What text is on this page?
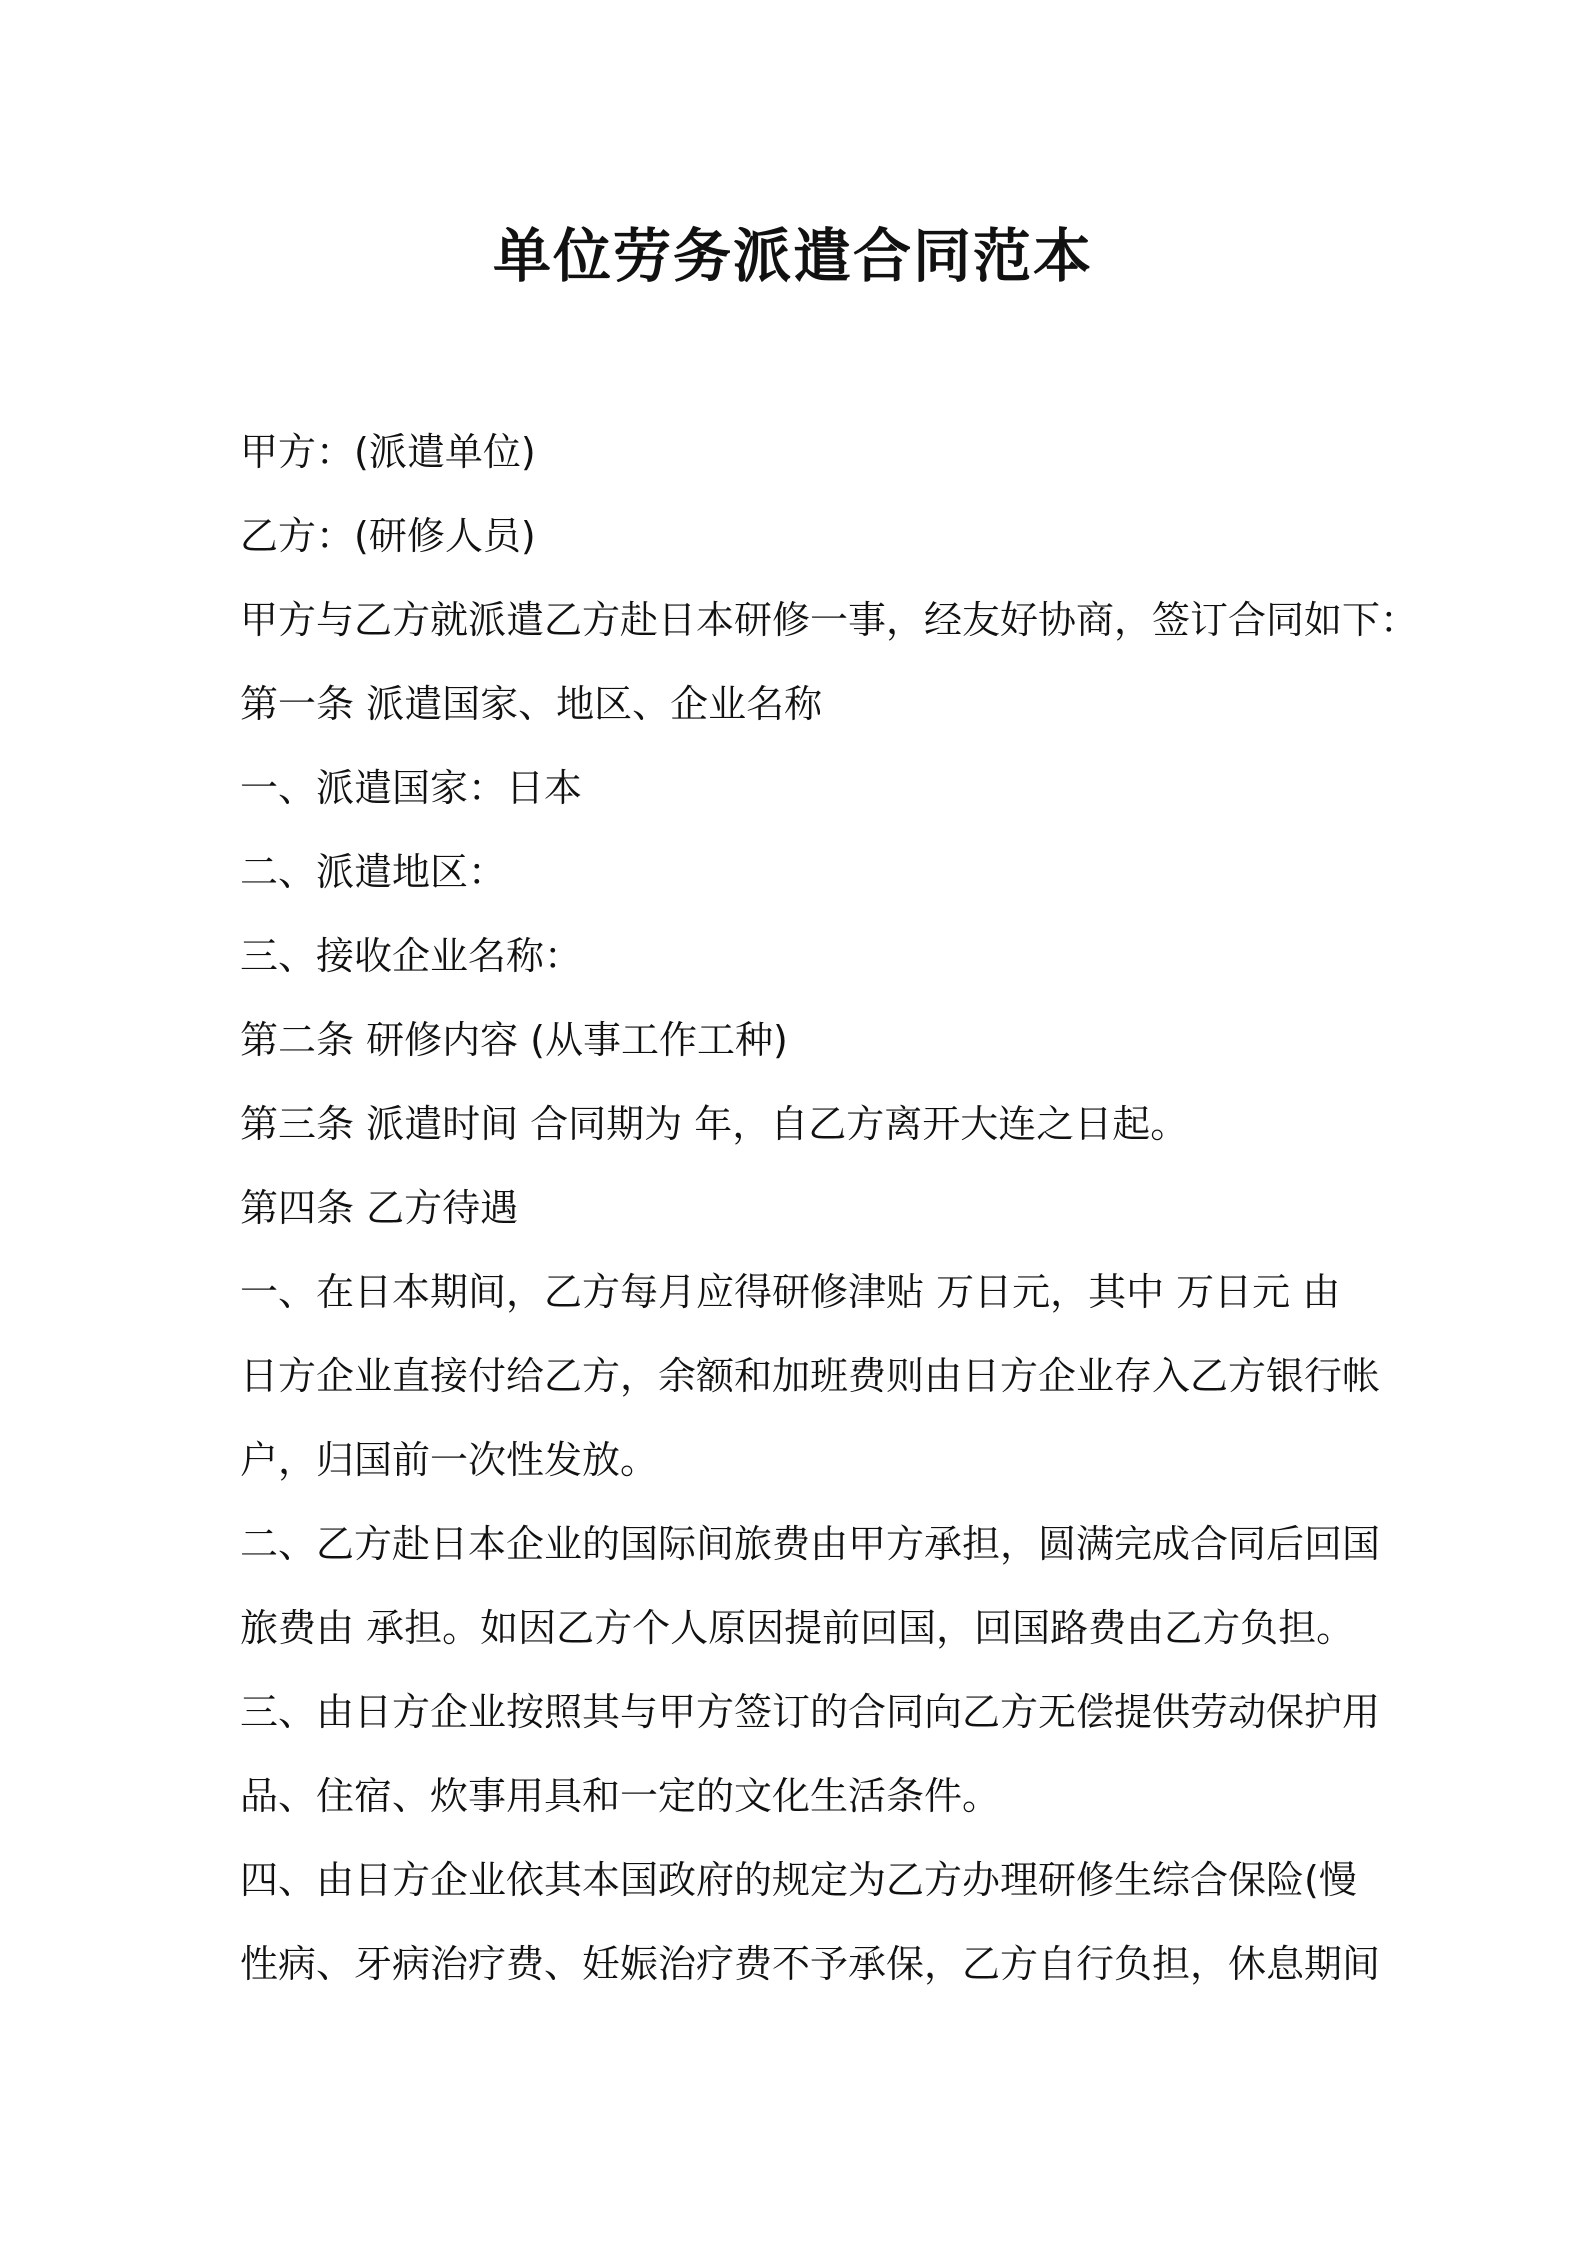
单位劳务派遣合同范本

甲方：(派遣单位)

乙方：(研修人员)

甲方与乙方就派遣乙方赴日本研修一事，经友好协商，签订合同如下：

第一条 派遣国家、地区、企业名称

一、派遣国家：日本

二、派遣地区：

三、接收企业名称：

第二条 研修内容 (从事工作工种)

第三条 派遣时间 合同期为 年，自乙方离开大连之日起。

第四条 乙方待遇

一、在日本期间，乙方每月应得研修津贴 万日元，其中 万日元 由

日方企业直接付给乙方，余额和加班费则由日方企业存入乙方银行帐

户，归国前一次性发放。

二、乙方赴日本企业的国际间旅费由甲方承担，圆满完成合同后回国

旅费由 承担。如因乙方个人原因提前回国，回国路费由乙方负担。

三、由日方企业按照其与甲方签订的合同向乙方无偿提供劳动保护用

品、住宿、炊事用具和一定的文化生活条件。

四、由日方企业依其本国政府的规定为乙方办理研修生综合保险(慢

性病、牙病治疗费、妊娠治疗费不予承保，乙方自行负担，休息期间
